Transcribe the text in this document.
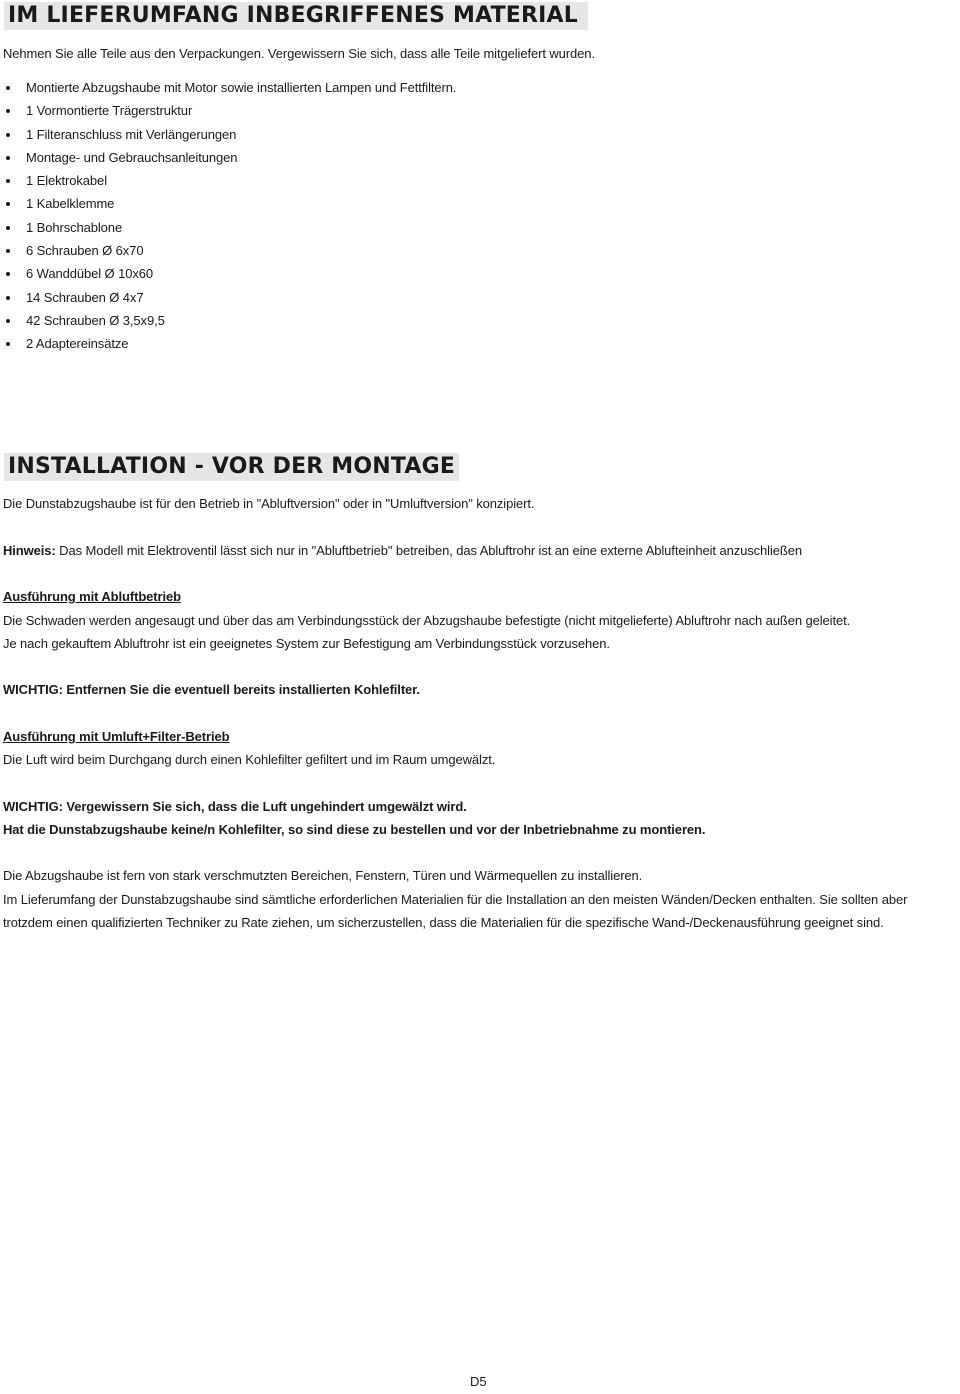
IM LIEFERUMFANG INBEGRIFFENES MATERIAL
Nehmen Sie alle Teile aus den Verpackungen. Vergewissern Sie sich, dass alle Teile mitgeliefert wurden.
Montierte Abzugshaube mit Motor sowie installierten Lampen und Fettfiltern.
1 Vormontierte Trägerstruktur
1 Filteranschluss mit Verlängerungen
Montage- und Gebrauchsanleitungen
1 Elektrokabel
1 Kabelklemme
1 Bohrschablone
6 Schrauben Ø 6x70
6 Wanddübel Ø 10x60
14 Schrauben Ø 4x7
42 Schrauben Ø 3,5x9,5
2 Adaptereinsätze
INSTALLATION - VOR DER MONTAGE
Die Dunstabzugshaube ist für den Betrieb in "Abluftversion" oder in "Umluftversion" konzipiert.
Hinweis: Das Modell mit Elektroventil lässt sich nur in "Abluftbetrieb" betreiben, das Abluftrohr ist an eine externe Ablufteinheit anzuschließen
Ausführung mit Abluftbetrieb
Die Schwaden werden angesaugt und über das am Verbindungsstück der Abzugshaube befestigte (nicht mitgelieferte) Abluftrohr nach außen geleitet.
Je nach gekauftem Abluftrohr ist ein geeignetes System zur Befestigung am Verbindungsstück vorzusehen.
WICHTIG: Entfernen Sie die eventuell bereits installierten Kohlefilter.
Ausführung mit Umluft+Filter-Betrieb
Die Luft wird beim Durchgang durch einen Kohlefilter gefiltert und im Raum umgewälzt.
WICHTIG: Vergewissern Sie sich, dass die Luft ungehindert umgewälzt wird.
Hat die Dunstabzugshaube keine/n Kohlefilter, so sind diese zu bestellen und vor der Inbetriebnahme zu montieren.
Die Abzugshaube ist fern von stark verschmutzten Bereichen, Fenstern, Türen und Wärmequellen zu installieren.
Im Lieferumfang der Dunstabzugshaube sind sämtliche erforderlichen Materialien für die Installation an den meisten Wänden/Decken enthalten. Sie sollten aber
trotzdem einen qualifizierten Techniker zu Rate ziehen, um sicherzustellen, dass die Materialien für die spezifische Wand-/Deckenausführung geeignet sind.
D5
